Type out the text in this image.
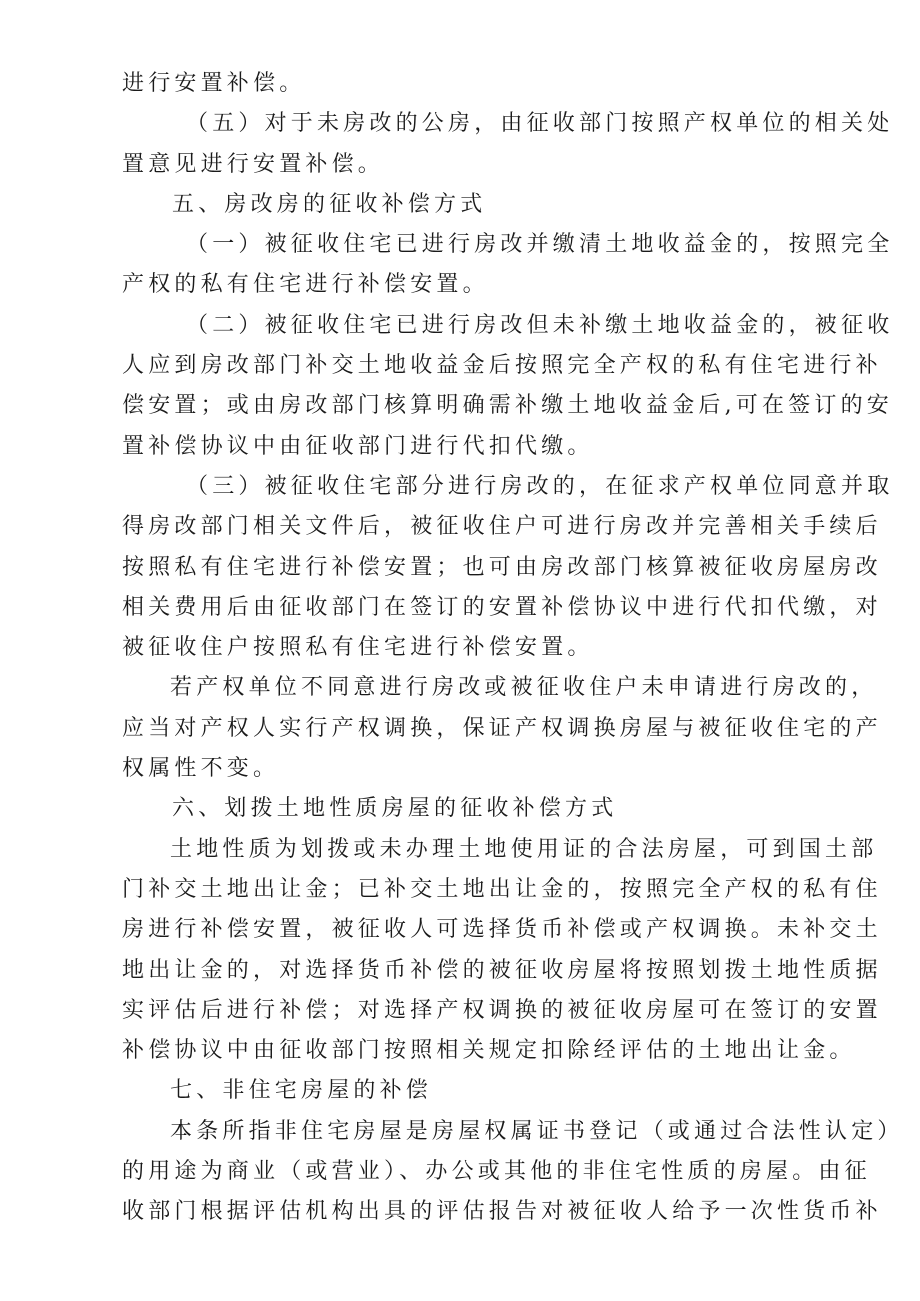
进行安置补偿。
（五）对于未房改的公房，由征收部门按照产权单位的相关处
置意见进行安置补偿。
五、房改房的征收补偿方式
（一）被征收住宅已进行房改并缴清土地收益金的，按照完全
产权的私有住宅进行补偿安置。
（二）被征收住宅已进行房改但未补缴土地收益金的，被征收
人应到房改部门补交土地收益金后按照完全产权的私有住宅进行补
偿安置；或由房改部门核算明确需补缴土地收益金后,可在签订的安
置补偿协议中由征收部门进行代扣代缴。
（三）被征收住宅部分进行房改的，在征求产权单位同意并取
得房改部门相关文件后，被征收住户可进行房改并完善相关手续后
按照私有住宅进行补偿安置；也可由房改部门核算被征收房屋房改
相关费用后由征收部门在签订的安置补偿协议中进行代扣代缴，对
被征收住户按照私有住宅进行补偿安置。
若产权单位不同意进行房改或被征收住户未申请进行房改的，
应当对产权人实行产权调换，保证产权调换房屋与被征收住宅的产
权属性不变。
六、划拨土地性质房屋的征收补偿方式
土地性质为划拨或未办理土地使用证的合法房屋，可到国土部
门补交土地出让金；已补交土地出让金的，按照完全产权的私有住
房进行补偿安置，被征收人可选择货币补偿或产权调换。未补交土
地出让金的，对选择货币补偿的被征收房屋将按照划拨土地性质据
实评估后进行补偿；对选择产权调换的被征收房屋可在签订的安置
补偿协议中由征收部门按照相关规定扣除经评估的土地出让金。
七、非住宅房屋的补偿
本条所指非住宅房屋是房屋权属证书登记（或通过合法性认定）
的用途为商业（或营业）、办公或其他的非住宅性质的房屋。由征
收部门根据评估机构出具的评估报告对被征收人给予一次性货币补
